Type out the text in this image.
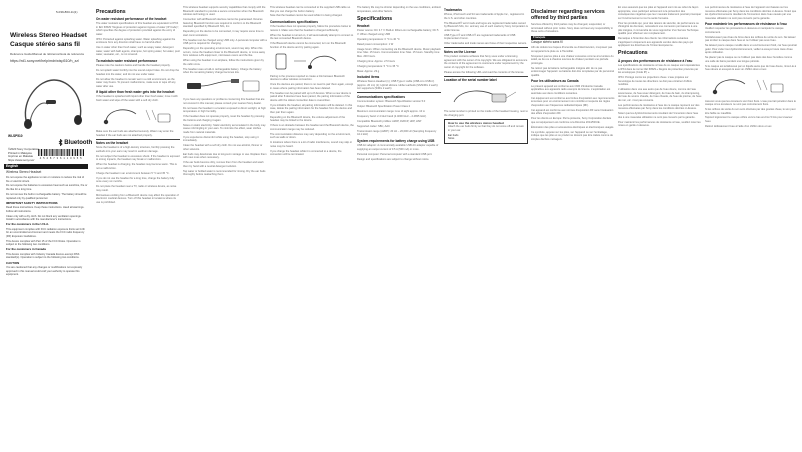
5-039-863-11(1)
Wireless Stereo Headset
Casque stéréo sans fil
Reference Guide/Manuel de référence/Guía de referencia
https://rd1.sony.net/help/mdr/wisp510/h_zz/
WI-SP510
Bluetooth
©2020 Sony Corporation
Printed in Malaysia
Imprimé en Malaisie
https://www.sony.net/	4 5 4 8 7 3 6 1 1 0 9 5 5
English
Wireless Stereo Headset

Do not expose the appliance to rain or moisture to reduce the risk of fire or electric shock.

Do not expose the batteries to excessive heat such as sunshine, fire or the like for a long time.

Do not remove the built-in rechargeable battery. The battery should be replaced only by qualified personnel.

IMPORTANT SAFETY INSTRUCTIONS

Read these instructions. Keep these instructions. Heed all warnings. Follow all instructions.

Clean only with a dry cloth. Do not block any ventilation openings. Install in accordance with the manufacturer's instructions.

For the customers in the U.S.A.

This equipment complies with FCC radiation exposure limits set forth for an uncontrolled environment and meets the FCC radio frequency (RF) Exposure Guidelines.

This device complies with Part 15 of the FCC Rules. Operation is subject to the following two conditions.

For the customers in Canada

This device complies with Industry Canada licence-exempt RSS standard(s). Operation is subject to the following two conditions.

CAUTION

You are cautioned that any changes or modifications not expressly approved in this manual could void your authority to operate this equipment.

Precautions
On water resistant performance of the headset

The water resistant specifications of this headset are equivalent to IPX4 in IEC 60529 "Degrees of protection against ingress of water (IP Code)", which specifies the degree of protection provided against the entry of water.

IPX4: Protected against splashing water. Water splashing against the enclosure from any direction shall have no harmful effect.

Use in water other than fresh water, such as soapy water, detergent water, water with bath agents, shampoo, hot spring water, hot water, pool water, seawater, etc., is not covered.

To maintain water resistant performance

Please note the cautions below and handle the headset properly.

Do not splash water forcibly into the sound output holes. Do not drop the headset into the water, and do not use under water.

Do not allow the headset to remain wet in a cold environment, as the water may freeze. To prevent malfunctions, make sure to wipe off any water after use.

If liquid other than fresh water gets into the headset

If the headset is splashed with liquid other than fresh water, rinse it with fresh water and wipe off the water with a soft dry cloth.

Make sure the ear buds are attached securely. Water may enter the headset if the ear buds are not attached properly.

Notes on the headset

Since the headset is of a high-density structure, forcibly pressing the earbuds into your ears may result in eardrum damage.

Do not subject the headset to excessive shock. If the headset is exposed to strong impacts, the headset may break or malfunction.

When the headset is charging, the headset may become warm. This is not a malfunction.

Charge the headset in an environment between 5 °C and 35 °C.

If you do not use the headset for a long time, charge the battery fully once every six months.

Do not place the headset near a TV, radio or wireless device, as noise may result.

Microwaves emitting from a Bluetooth device may affect the operation of electronic medical devices. Turn off this headset in locations where its use is prohibited.

This wireless headset supports security capabilities that comply with the Bluetooth standard to provide a secure connection when the Bluetooth wireless technology is used.

Connection with all Bluetooth devices cannot be guaranteed. Devices featuring Bluetooth function are required to conform to the Bluetooth standard specified by Bluetooth SIG, Inc.

Depending on the device to be connected, it may require some time to start communications.

The headset can be charged using USB only. A personal computer with a USB port is required for charging.

Depending on the operating environment, sound may skip. When this occurs, move the headset closer to the Bluetooth device, or move away from wireless LAN equipment, microwave ovens and the like.

When using the headset in an airplane, follow the instructions given by the cabin crew.

The headset uses a built-in rechargeable battery. Charge the battery when the remaining battery charge becomes low.

If you have any questions or problems concerning this headset that are not covered in this manual, please consult your nearest Sony dealer.

Do not leave the headset in a location exposed to direct sunlight, at high temperature or high humidity.

If the headset does not operate properly, reset the headset by pressing the buttons and charging it again.

Notes on static electricity: Static electricity accumulated in the body may cause mild tingling in your ears. To minimize the effect, wear clothes made from natural materials.

If you experience discomfort while using the headset, stop using it immediately.

Clean the headset with a soft dry cloth. Do not use alcohol, thinner or other solvents.

Ear buds may deteriorate due to long-term storage or use. Replace them with new ones when necessary.

If the ear buds become dirty, remove them from the headset and wash them by hand with a neutral detergent solution.

Tap water or bottled water is recommended for rinsing. Dry the ear buds thoroughly before reattaching them.

This wireless headset can be connected to the supplied USB cable so that you can charge the built-in battery.

Note that the headset cannot be used while it is being charged.

Communications specifications

If the headset does not operate properly, follow the procedure below to restore it. Make sure that the headset is charged sufficiently.

When the headset is turned on, it will automatically attempt to connect to the last connected Bluetooth device.

If the Bluetooth device cannot be connected, turn on the Bluetooth function of the device and try pairing again.

Pairing is the process required to create a link between Bluetooth devices to allow wireless connection.

Once the devices are paired, there is no need to pair them again, except in cases where pairing information has been deleted.

The headset can be paired with up to 8 devices. When a new device is paired after 8 devices have been paired, the pairing information of the device with the oldest connection date is overwritten.

If you initialize the headset, all pairing information will be deleted. In this case, delete the pairing information for the headset from the device and then pair them again.

Depending on the Bluetooth device, the volume adjustment of the headset may be linked to the device.

If there is an obstacle between the headset and the Bluetooth device, the communication range may be reduced.

The communication distance may vary depending on the environment, such as walls or doors.

In locations where there is a lot of radio interference, sound may skip or noise may be heard.

If you charge the headset while it is connected to a device, the connection will be terminated.

The battery life may be shorter depending on the use conditions, ambient temperature, and other factors.

Specifications
Headset

Power source: DC 3.7 V: Built-in lithium-ion rechargeable battery; DC 5 V: When charged using USB

Operating temperature: 0 °C to 40 °C

Rated power consumption: 1 W

Usage hours: When connecting via the Bluetooth device. Music playback time: Max. 15 hours. Communication time: Max. 15 hours. Standby time: Max. 200 hours.

Charging time: Approx. 2.5 hours

Charging temperature: 5 °C to 35 °C

Mass: Approx. 23 g

Included items

Wireless Stereo Headset (1); USB Type-C cable (USB-A to USB-C) (approx. 20 cm) (1); Hybrid silicone rubber earbuds (SS/S/M/L 2 each); Arc supporters (S/M/L 2 each)

Communications specifications

Communication system: Bluetooth Specification version 5.0

Output: Bluetooth Specification Power Class 2

Maximum communication range: Line of sight approx. 10 m

Frequency band: 2.4 GHz band (2.4000 GHz – 2.4835 GHz)

Compatible Bluetooth profiles: A2DP, AVRCP, HFP, HSP

Supported codec: SBC, AAC

Transmission range (A2DP): 20 Hz – 20,000 Hz (Sampling frequency 44.1 kHz)

System requirements for battery charge using USB

USB AC adaptor: A commercially available USB AC adaptor capable of supplying an output current of 0.5 A (500 mA) or more.

Personal computer: Personal computer with a standard USB port.

Design and specifications are subject to change without notice.

Trademarks

iPhone, iPod touch and Siri are trademarks of Apple Inc., registered in the U.S. and other countries.

The Bluetooth® word mark and logos are registered trademarks owned by Bluetooth SIG, Inc. and any use of such marks by Sony Corporation is under license.

USB Type-C® and USB-C® are registered trademarks of USB Implementers Forum.

Other trademarks and trade names are those of their respective owners.

Notes on the License

This product contains software that Sony uses under a licensing agreement with the owner of its copyright. We are obligated to announce the contents of the agreement to customers under requirement by the owner of copyright for the software.

Please access the following URL and read the contents of the license.

Location of the serial number label

The serial number is printed on the inside of the headset housing, next to the charging port.

How to use the wireless stereo headset

Attach the ear buds firmly so that they do not come off and remain in your ear.

Ear buds
Sizes
Disclaimer regarding services offered by third parties

Services offered by third parties may be changed, suspended, or terminated without prior notice. Sony does not bear any responsibility in these sorts of situations.

Français
Casque stéréo sans fil

Afin de réduire les risques d'incendie ou d'électrocution, n'exposez pas cet appareil à la pluie ou à l'humidité.

N'exposez pas les piles à une chaleur excessive comme à la lumière du soleil, au feu ou à d'autres sources de chaleur pendant une période prolongée.

Ne retirez pas la batterie rechargeable intégrée afin de ne pas endommager l'appareil. La batterie doit être remplacée par du personnel qualifié.

Pour les utilisateurs au Canada

Le présent appareil est conforme aux CNR d'Industrie Canada applicables aux appareils radio exempts de licence. L'exploitation est autorisée aux deux conditions suivantes.

Cet équipement est conforme aux limites d'exposition aux rayonnements énoncées pour un environnement non contrôlé et respecte les règles d'exposition aux fréquences radioélectriques (RF).

Cet appareil est conforme aux normes d'exposition RF sans l'évaluation des effets d'exposition RF.

Pour les clients en Europe: Par la présente, Sony Corporation déclare que cet équipement est conforme à la Directive 2014/53/UE.

Élimination des piles et accessoires électriques et électroniques usagés.

Ce symbole, apposé sur les piles, sur l'appareil ou sur l'emballage, indique que les piles et ce produit ne doivent pas être traités comme de simples déchets ménagers.

En vous assurant que les piles et l'appareil sont mis au rebut de façon appropriée, vous participez activement à la prévention des conséquences négatives que leur mauvais traitement pourrait provoquer sur l'environnement et sur la santé humaine.

Pour les produits qui, pour des raisons de sécurité, de performance ou d'intégrité de données, nécessitent une connexion permanente à une pile intégrée, il conviendra de vous rapprocher d'un Service Technique qualifié pour effectuer son remplacement.

Remarque à l'intention des clients: les informations suivantes s'appliquent uniquement aux appareils vendus dans des pays qui appliquent les directives de l'Union Européenne.

Précautions
À propos des performances de résistance à l'eau

Les spécifications de résistance à l'eau de ce casque sont équivalentes à IPX4 dans la norme CEI 60529 « Degrés de protection procurés par les enveloppes (Code IP) ».

IPX4: Protégé contre les projections d'eau. L'eau projetée sur l'enveloppe de toutes les directions ne doit pas entraîner d'effets nuisibles.

L'utilisation dans une eau autre que de l'eau douce, comme de l'eau savonneuse, de l'eau avec détergent, de l'eau de bain, du shampooing, de l'eau de source chaude, de l'eau chaude, de l'eau de piscine, de l'eau de mer, etc. n'est pas couverte.

Les performances de résistance à l'eau de ce casque reposent sur des mesures effectuées par Sony dans les conditions décrites ci-dessus.

Notez que les dysfonctionnements résultant de l'immersion dans l'eau dus à une mauvaise utilisation ne sont pas couverts par la garantie.

Pour maintenir les performances de résistance à l'eau, veuillez noter les mises en garde ci-dessous.

Les performances de résistance à l'eau de l'appareil sont basées sur les mesures effectuées par Sony dans les conditions décrites ci-dessus. Notez que les dysfonctionnements résultant de l'immersion dans l'eau causés par une mauvaise utilisation ne sont pas couverts par la garantie.

Pour maintenir les performances de résistance à l'eau

Veuillez respecter les précautions ci-dessous et manipuler le casque correctement.

N'éclaboussez pas d'eau de force dans les orifices de sortie du son. Ne laissez pas tomber le casque dans l'eau et ne l'utilisez pas sous l'eau.

Ne laissez pas le casque mouillé dans un environnement froid, car l'eau pourrait geler. Pour éviter tout dysfonctionnement, veillez à essuyer toute trace d'eau après utilisation.

Ne placez pas le casque ou ne l'utilisez pas dans des lieux humides comme une salle de bains pendant une longue période.

Si le casque est éclaboussé par un liquide autre que de l'eau douce, rincez-le à l'eau douce et essuyez-le avec un chiffon doux et sec.

Assurez-vous que les écouteurs sont bien fixés. L'eau pourrait pénétrer dans le casque si les écouteurs ne sont pas correctement fixés.

Si les orifices de sortie du son sont obstrués par des gouttes d'eau, le son peut être faible ou inaudible.

Tapotez légèrement le casque orifice vers le bas environ 5 fois pour évacuer l'eau.

Retirez délicatement l'eau à l'aide d'un chiffon doux et sec.
